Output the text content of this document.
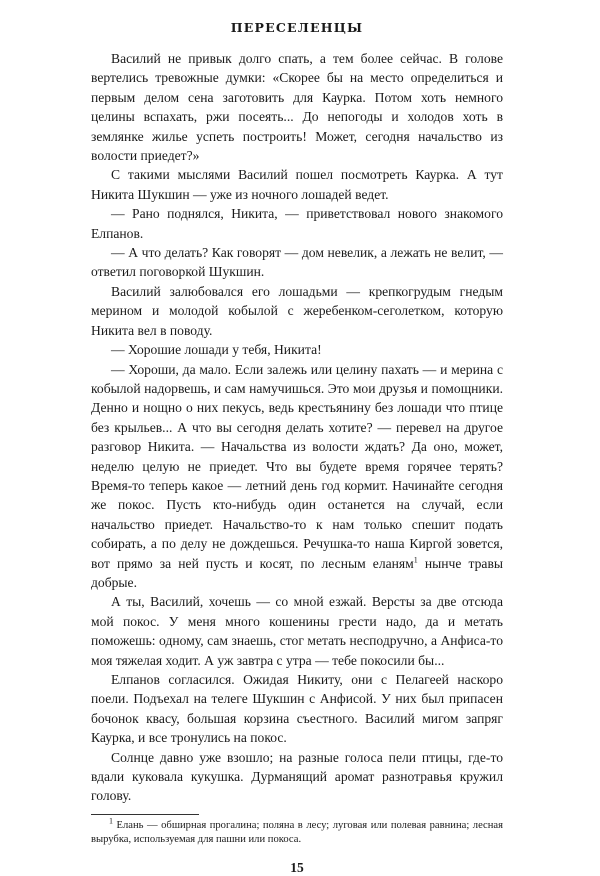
ПЕРЕСЕЛЕНЦЫ

Василий не привык долго спать, а тем более сейчас. В голове вертелись тревожные думки: «Скорее бы на место определиться и первым делом сена заготовить для Каурка. Потом хоть немного целины вспахать, ржи посеять... До непогоды и холодов хоть в землянке жилье успеть построить! Может, сегодня начальство из волости приедет?»

С такими мыслями Василий пошел посмотреть Каурка. А тут Никита Шукшин — уже из ночного лошадей ведет.

— Рано поднялся, Никита, — приветствовал нового знакомого Елпанов.

— А что делать? Как говорят — дом невелик, а лежать не велит, — ответил поговоркой Шукшин.

Василий залюбовался его лошадьми — крепкогрудым гнедым мерином и молодой кобылой с жеребенком-сеголетком, которую Никита вел в поводу.

— Хорошие лошади у тебя, Никита!

— Хороши, да мало. Если залежь или целину пахать — и мерина с кобылой надорвешь, и сам намучишься. Это мои друзья и помощники. Денно и нощно о них пекусь, ведь крестьянину без лошади что птице без крыльев... А что вы сегодня делать хотите? — перевел на другое разговор Никита. — Начальства из волости ждать? Да оно, может, неделю целую не приедет. Что вы будете время горячее терять? Время-то теперь какое — летний день год кормит. Начинайте сегодня же покос. Пусть кто-нибудь один останется на случай, если начальство приедет. Начальство-то к нам только спешит подать собирать, а по делу не дождешься. Речушка-то наша Киргой зовется, вот прямо за ней пусть и косят, по лесным еланям$^1$ нынче травы добрые.

А ты, Василий, хочешь — со мной езжай. Версты за две отсюда мой покос. У меня много кошенины грести надо, да и метать поможешь: одному, сам знаешь, стог метать несподручно, а Анфиса-то моя тяжелая ходит. А уж завтра с утра — тебе покосили бы...

Елпанов согласился. Ожидая Никиту, они с Пелагеей наскоро поели. Подъехал на телеге Шукшин с Анфисой. У них был припасен бочонок квасу, большая корзина съестного. Василий мигом запряг Каурка, и все тронулись на покос.

Солнце давно уже взошло; на разные голоса пели птицы, где-то вдали куковала кукушка. Дурманящий аромат разнотравья кружил голову.

$^1$ Елань — обширная прогалина; поляна в лесу; луговая или полевая равнина; лесная вырубка, используемая для пашни или покоса.

15
